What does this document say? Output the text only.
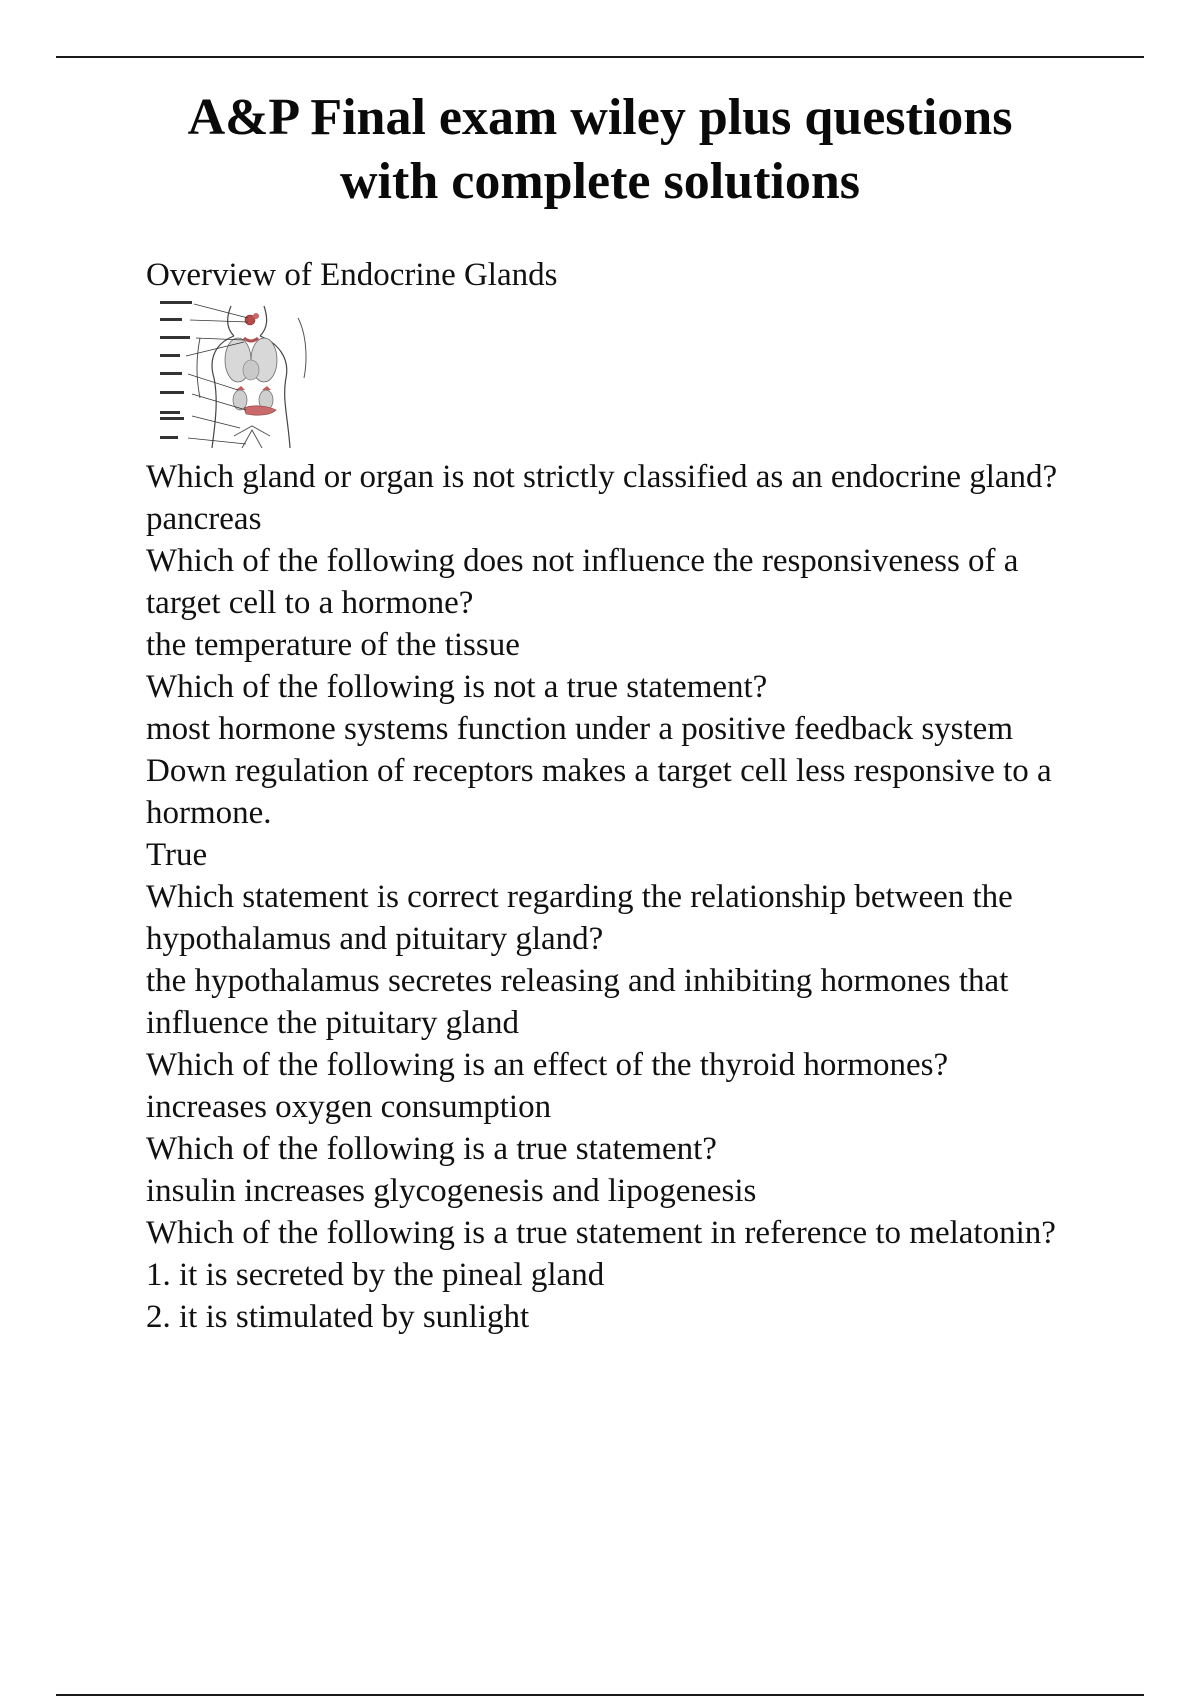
A&P Final exam wiley plus questions
with complete solutions

Overview of Endocrine Glands

Which gland or organ is not strictly classified as an endocrine gland?

pancreas

Which of the following does not influence the responsiveness of a target cell to a hormone?

the temperature of the tissue

Which of the following is not a true statement?

most hormone systems function under a positive feedback system

Down regulation of receptors makes a target cell less responsive to a hormone.

True

Which statement is correct regarding the relationship between the hypothalamus and pituitary gland?

the hypothalamus secretes releasing and inhibiting hormones that influence the pituitary gland

Which of the following is an effect of the thyroid hormones?

increases oxygen consumption

Which of the following is a true statement?

insulin increases glycogenesis and lipogenesis

Which of the following is a true statement in reference to melatonin?

1. it is secreted by the pineal gland

2. it is stimulated by sunlight
